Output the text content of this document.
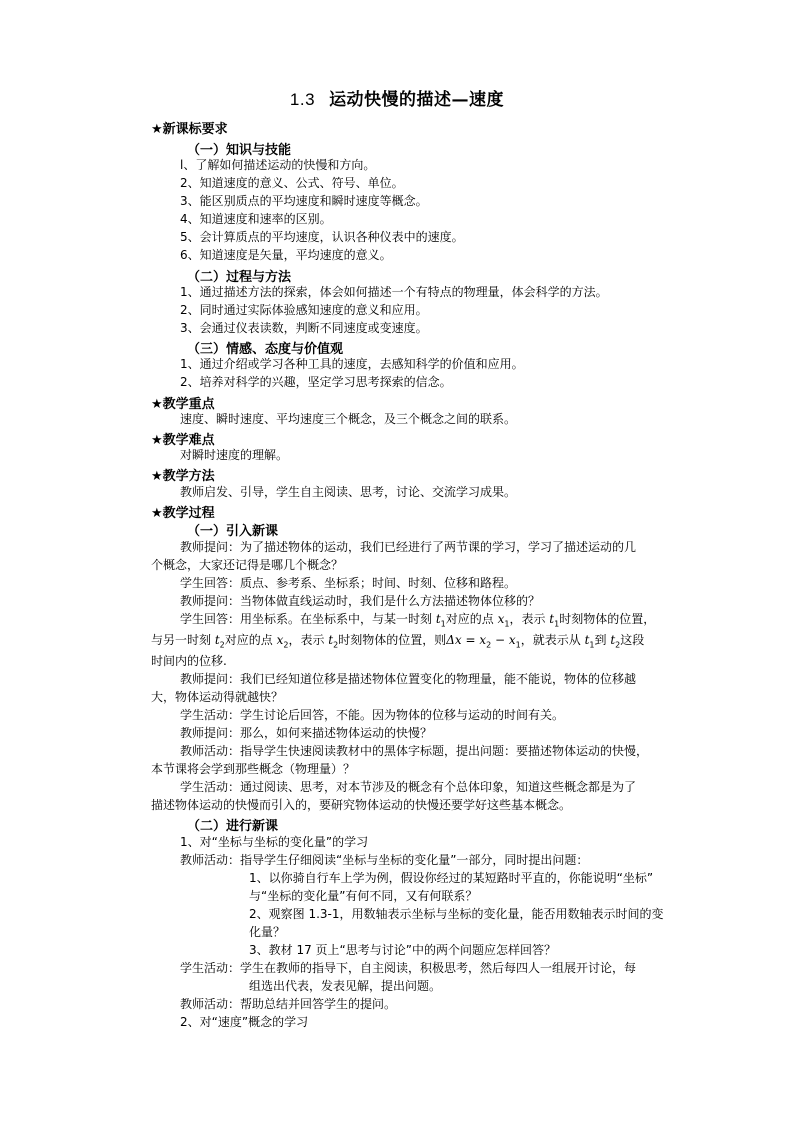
1.3 运动快慢的描述—速度
★新课标要求
（一）知识与技能
l、了解如何描述运动的快慢和方向。
2、知道速度的意义、公式、符号、单位。
3、能区别质点的平均速度和瞬时速度等概念。
4、知道速度和速率的区别。
5、会计算质点的平均速度，认识各种仪表中的速度。
6、知道速度是矢量，平均速度的意义。
（二）过程与方法
1、通过描述方法的探索，体会如何描述一个有特点的物理量，体会科学的方法。
2、同时通过实际体验感知速度的意义和应用。
3、会通过仪表读数，判断不同速度或变速度。
（三）情感、态度与价值观
1、通过介绍或学习各种工具的速度，去感知科学的价值和应用。
2、培养对科学的兴趣，坚定学习思考探索的信念。
★教学重点
速度、瞬时速度、平均速度三个概念，及三个概念之间的联系。
★教学难点
对瞬时速度的理解。
★教学方法
教师启发、引导，学生自主阅读、思考，讨论、交流学习成果。
★教学过程
（一）引入新课
教师提问：为了描述物体的运动，我们已经进行了两节课的学习，学习了描述运动的几
个概念，大家还记得是哪几个概念？
学生回答：质点、参考系、坐标系；时间、时刻、位移和路程。
教师提问：当物体做直线运动时，我们是什么方法描述物体位移的？
学生回答：用坐标系。在坐标系中，与某一时刻 $t_1$对应的点 $x_1$，表示 $t_1$时刻物体的位置，
与另一时刻 $t_2$对应的点 $x_2$，表示 $t_2$时刻物体的位置，则$\Delta x = x_2 - x_1$，就表示从 $t_1$到 $t_2$这段
时间内的位移.
教师提问：我们已经知道位移是描述物体位置变化的物理量，能不能说，物体的位移越
大，物体运动得就越快？
学生活动：学生讨论后回答，不能。因为物体的位移与运动的时间有关。
教师提问：那么，如何来描述物体运动的快慢？
教师活动：指导学生快速阅读教材中的黑体字标题，提出问题：要描述物体运动的快慢，
本节课将会学到那些概念（物理量）？
学生活动：通过阅读、思考，对本节涉及的概念有个总体印象，知道这些概念都是为了
描述物体运动的快慢而引入的，要研究物体运动的快慢还要学好这些基本概念。
（二）进行新课
1、对“坐标与坐标的变化量”的学习
教师活动：指导学生仔细阅读“坐标与坐标的变化量”一部分，同时提出问题：
1、以你骑自行车上学为例，假设你经过的某短路时平直的，你能说明“坐标”
与“坐标的变化量”有何不同，又有何联系？
2、观察图 1.3-1，用数轴表示坐标与坐标的变化量，能否用数轴表示时间的变
化量？
3、教材 17 页上“思考与讨论”中的两个问题应怎样回答？
学生活动：学生在教师的指导下，自主阅读，积极思考，然后每四人一组展开讨论，每
组选出代表，发表见解，提出问题。
教师活动：帮助总结并回答学生的提问。
2、对“速度”概念的学习
